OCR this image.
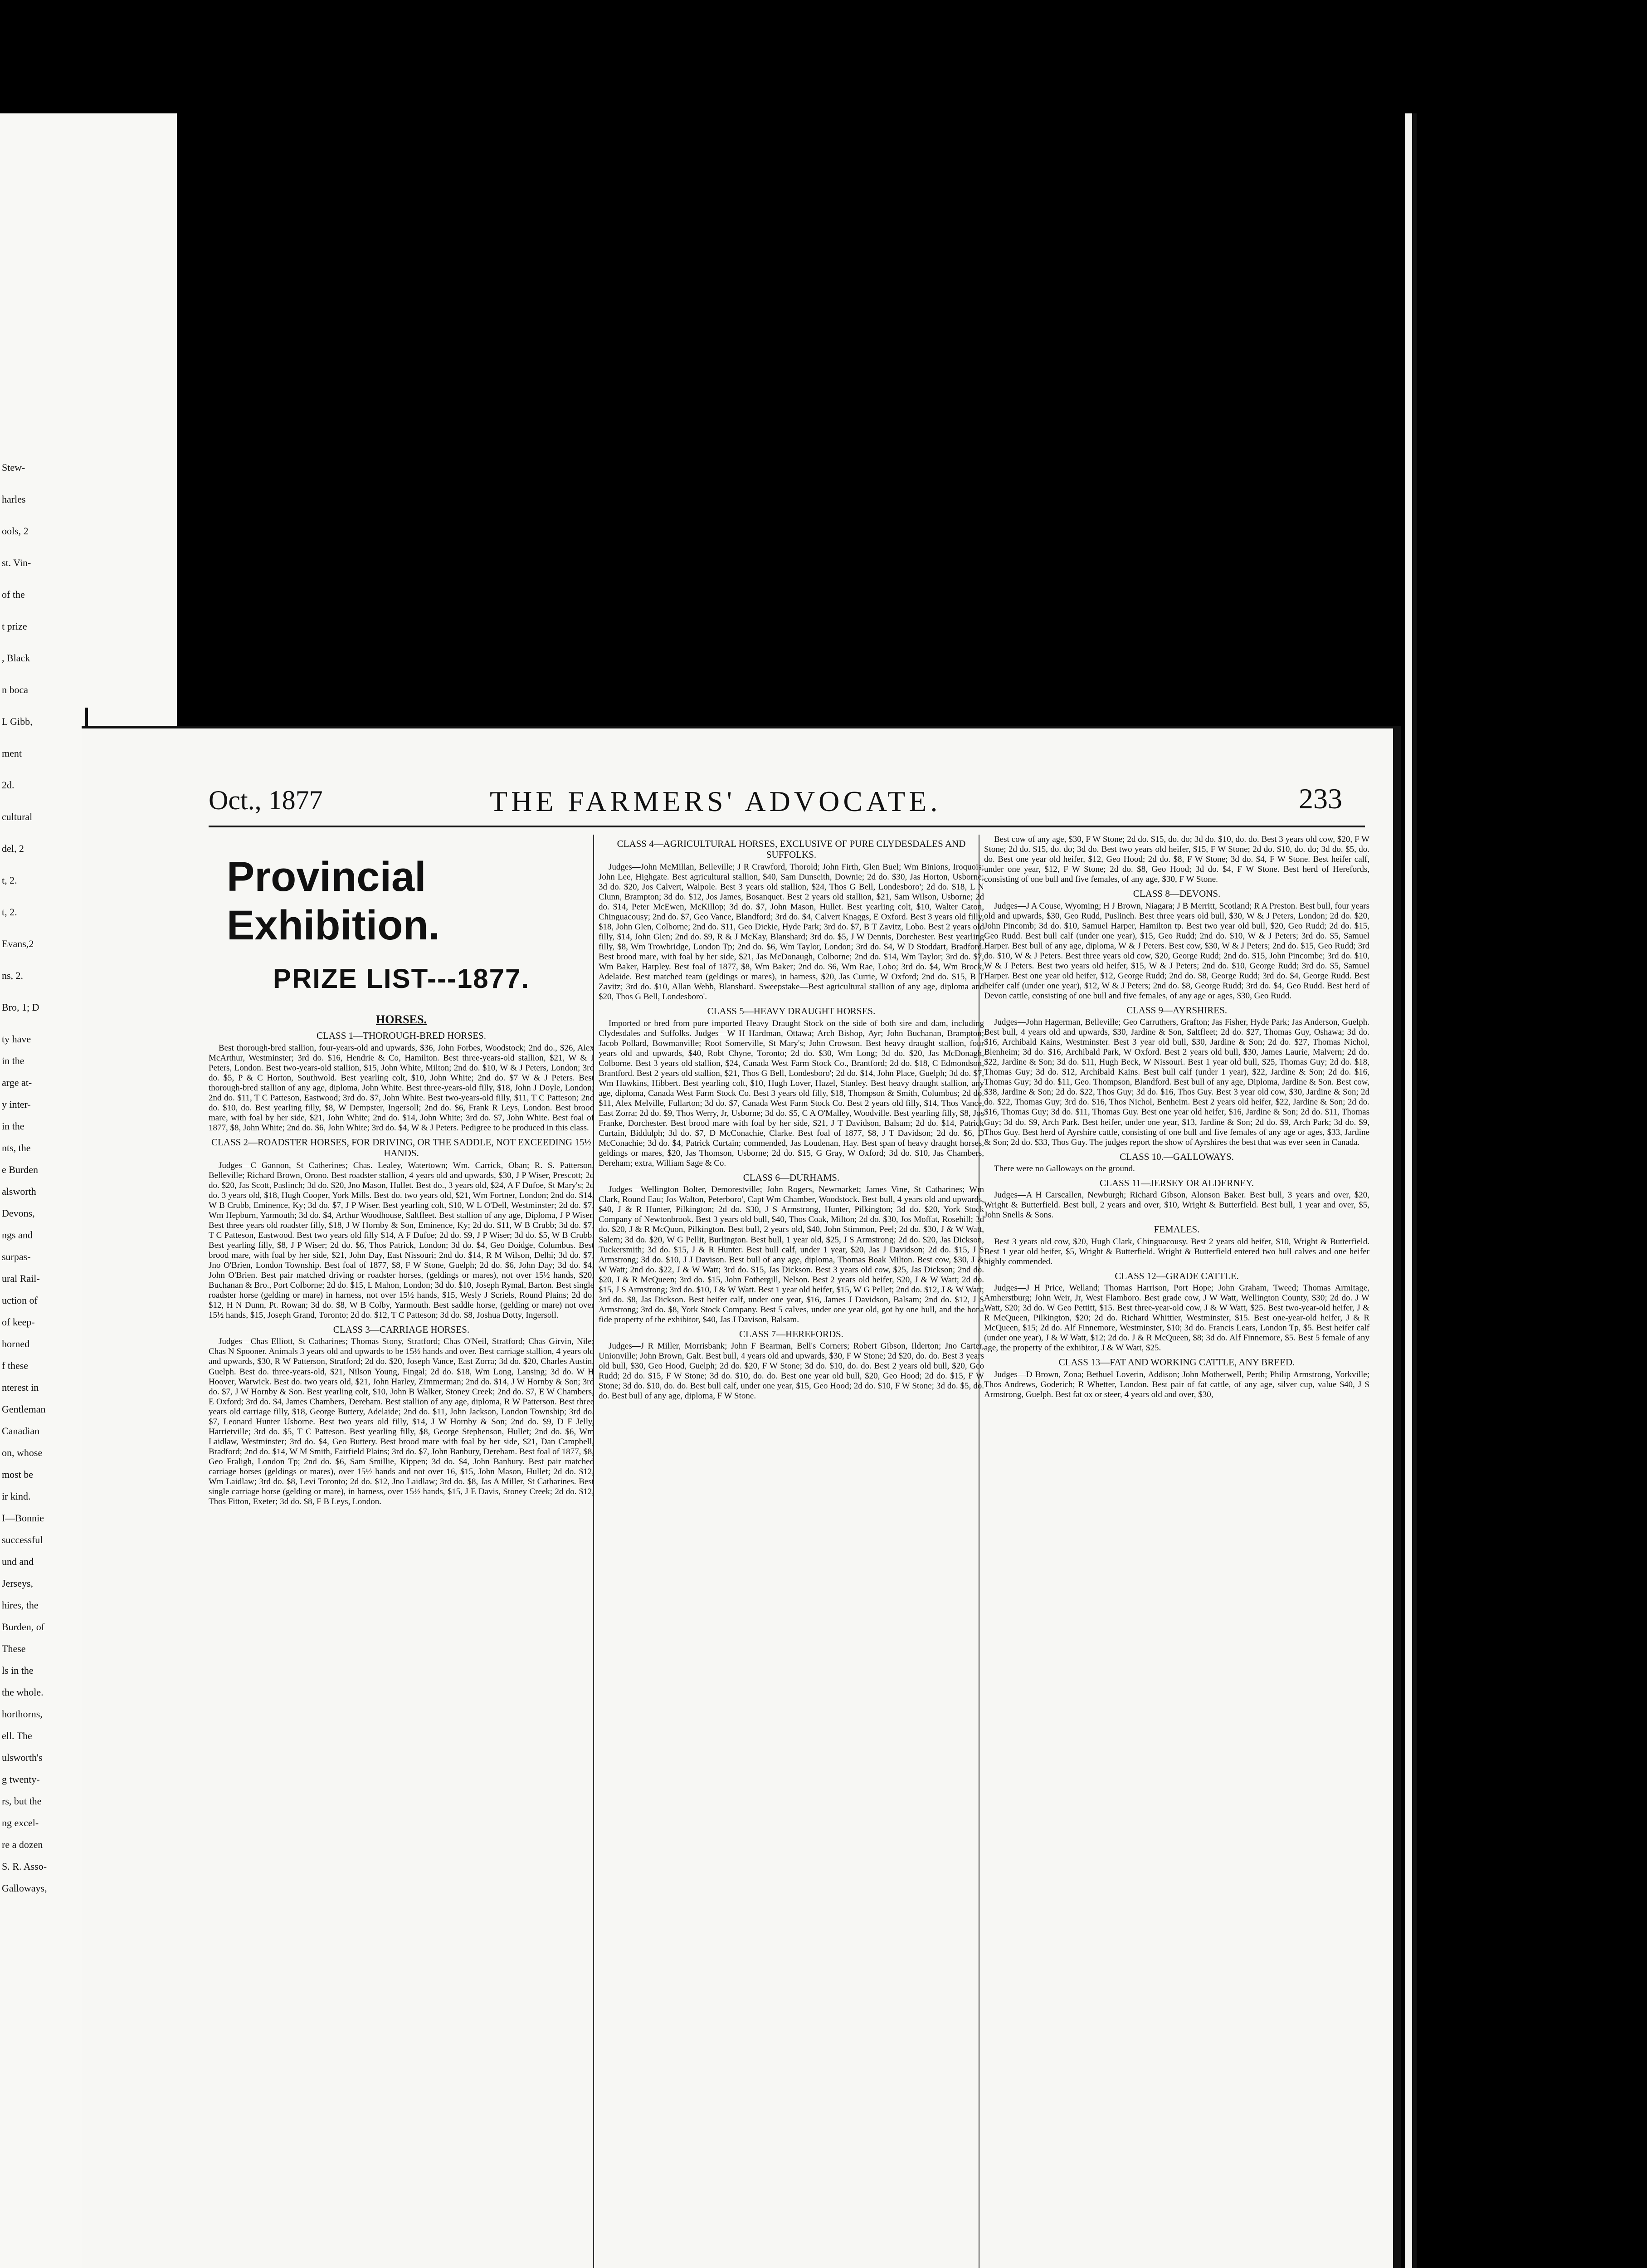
Stew-
harles
ools, 2
st. Vin-
of the
t prize
, Black
n boca
L Gibb,
ment
2d.
cultural
del, 2
t, 2.
t, 2.
Evans,2
ns, 2.
Bro, 1; D
ty have
in the
arge at-
y inter-
in the
nts, the
e Burden
alsworth
Devons,
ngs and
surpas-
ural Rail-
uction of
of keep-
horned
f these
nterest in
Gentleman
Canadian
on, whose
most be
ir kind.
I—Bonnie
successful
und and
Jerseys,
hires, the
Burden, of
These
ls in the
the whole.
horthorns,
ell. The
ulsworth's
g twenty-
rs, but the
ng excel-
re a dozen
S. R. Asso-
Galloways,
Oct., 1877	THE FARMERS' ADVOCATE.	233
Provincial Exhibition.
PRIZE LIST---1877.
HORSES.
CLASS 1—THOROUGH-BRED HORSES.

Best thorough-bred stallion, four-years-old and upwards, $36, John Forbes, Woodstock; 2nd do., $26, Alex McArthur, Westminster; 3rd do. $16, Hendrie & Co, Hamilton. Best three-years-old stallion, $21, W & J Peters, London. Best two-years-old stallion, $15, John White, Milton; 2nd do. $10, W & J Peters, London; 3rd do. $5, P & C Horton, Southwold. Best yearling colt, $10, John White; 2nd do. $7 W & J Peters. Best thorough-bred stallion of any age, diploma, John White. Best three-years-old filly, $18, John J Doyle, London; 2nd do. $11, T C Patteson, Eastwood; 3rd do. $7, John White. Best two-years-old filly, $11, T C Patteson; 2nd do. $10, do. Best yearling filly, $8, W Dempster, Ingersoll; 2nd do. $6, Frank R Leys, London. Best brood mare, with foal by her side, $21, John White; 2nd do. $14, John White; 3rd do. $7, John White. Best foal of 1877, $8, John White; 2nd do. $6, John White; 3rd do. $4, W & J Peters. Pedigree to be produced in this class.

CLASS 2—ROADSTER HORSES, FOR DRIVING, OR THE SADDLE, NOT EXCEEDING 15½ HANDS.

Judges—C Gannon, St Catherines; Chas. Lealey, Watertown; Wm. Carrick, Oban; R. S. Patterson, Belleville; Richard Brown, Orono. Best roadster stallion, 4 years old and upwards, $30, J P Wiser, Prescott; 2d do. $20, Jas Scott, Paslinch; 3d do. $20, Jno Mason, Hullet. Best do., 3 years old, $24, A F Dufoe, St Mary's; 2d do. 3 years old, $18, Hugh Cooper, York Mills. Best do. two years old, $21, Wm Fortner, London; 2nd do. $14, W B Crubb, Eminence, Ky; 3d do. $7, J P Wiser. Best yearling colt, $10, W L O'Dell, Westminster; 2d do. $7, Wm Hepburn, Yarmouth; 3d do. $4, Arthur Woodhouse, Saltfleet. Best stallion of any age, Diploma, J P Wiser. Best three years old roadster filly, $18, J W Hornby & Son, Eminence, Ky; 2d do. $11, W B Crubb; 3d do. $7, T C Patteson, Eastwood. Best two years old filly $14, A F Dufoe; 2d do. $9, J P Wiser; 3d do. $5, W B Crubb. Best yearling filly, $8, J P Wiser; 2d do. $6, Thos Patrick, London; 3d do. $4, Geo Doidge, Columbus. Best brood mare, with foal by her side, $21, John Day, East Nissouri; 2nd do. $14, R M Wilson, Delhi; 3d do. $7, Jno O'Brien, London Township. Best foal of 1877, $8, F W Stone, Guelph; 2d do. $6, John Day; 3d do. $4, John O'Brien. Best pair matched driving or roadster horses, (geldings or mares), not over 15½ hands, $20, Buchanan & Bro., Port Colborne; 2d do. $15, L Mahon, London; 3d do. $10, Joseph Rymal, Barton. Best single roadster horse (gelding or mare) in harness, not over 15½ hands, $15, Wesly J Scriels, Round Plains; 2d do. $12, H N Dunn, Pt. Rowan; 3d do. $8, W B Colby, Yarmouth. Best saddle horse, (gelding or mare) not over 15½ hands, $15, Joseph Grand, Toronto; 2d do. $12, T C Patteson; 3d do. $8, Joshua Dotty, Ingersoll.

CLASS 3—CARRIAGE HORSES.

Judges—Chas Elliott, St Catharines; Thomas Stony, Stratford; Chas O'Neil, Stratford; Chas Girvin, Nile; Chas N Spooner. Animals 3 years old and upwards to be 15½ hands and over. Best carriage stallion, 4 years old and upwards, $30, R W Patterson, Stratford; 2d do. $20, Joseph Vance, East Zorra; 3d do. $20, Charles Austin, Guelph. Best do. three-years-old, $21, Nilson Young, Fingal; 2d do. $18, Wm Long, Lansing; 3d do. W H Hoover, Warwick. Best do. two years old, $21, John Harley, Zimmerman; 2nd do. $14, J W Hornby & Son; 3rd do. $7, J W Hornby & Son. Best yearling colt, $10, John B Walker, Stoney Creek; 2nd do. $7, E W Chambers, E Oxford; 3rd do. $4, James Chambers, Dereham. Best stallion of any age, diploma, R W Patterson. Best three years old carriage filly, $18, George Buttery, Adelaide; 2nd do. $11, John Jackson, London Township; 3rd do. $7, Leonard Hunter Usborne. Best two years old filly, $14, J W Hornby & Son; 2nd do. $9, D F Jelly, Harrietville; 3rd do. $5, T C Patteson. Best yearling filly, $8, George Stephenson, Hullet; 2nd do. $6, Wm Laidlaw, Westminster; 3rd do. $4, Geo Buttery. Best brood mare with foal by her side, $21, Dan Campbell, Bradford; 2nd do. $14, W M Smith, Fairfield Plains; 3rd do. $7, John Banbury, Dereham. Best foal of 1877, $8, Geo Fraligh, London Tp; 2nd do. $6, Sam Smillie, Kippen; 3d do. $4, John Banbury. Best pair matched carriage horses (geldings or mares), over 15½ hands and not over 16, $15, John Mason, Hullet; 2d do. $12, Wm Laidlaw; 3rd do. $8, Levi Toronto; 2d do. $12, Jno Laidlaw; 3rd do. $8, Jas A Miller, St Catharines. Best single carriage horse (gelding or mare), in harness, over 15½ hands, $15, J E Davis, Stoney Creek; 2d do. $12, Thos Fitton, Exeter; 3d do. $8, F B Leys, London.

CLASS 4—AGRICULTURAL HORSES, EXCLUSIVE OF PURE CLYDESDALES AND SUFFOLKS.

Judges—John McMillan, Belleville; J R Crawford, Thorold; John Firth, Glen Buel; Wm Binions, Iroquois; John Lee, Highgate. Best agricultural stallion, $40, Sam Dunseith, Downie; 2d do. $30, Jas Horton, Usborne; 3d do. $20, Jos Calvert, Walpole. Best 3 years old stallion, $24, Thos G Bell, Londesboro'; 2d do. $18, L N Clunn, Brampton; 3d do. $12, Jos James, Bosanquet. Best 2 years old stallion, $21, Sam Wilson, Usborne; 2d do. $14, Peter McEwen, McKillop; 3d do. $7, John Mason, Hullet. Best yearling colt, $10, Walter Caton, Chinguacousy; 2nd do. $7, Geo Vance, Blandford; 3rd do. $4, Calvert Knaggs, E Oxford. Best 3 years old filly, $18, John Glen, Colborne; 2nd do. $11, Geo Dickie, Hyde Park; 3rd do. $7, B T Zavitz, Lobo. Best 2 years old filly, $14, John Glen; 2nd do. $9, R & J McKay, Blanshard; 3rd do. $5, J W Dennis, Dorchester. Best yearling filly, $8, Wm Trowbridge, London Tp; 2nd do. $6, Wm Taylor, London; 3rd do. $4, W D Stoddart, Bradford. Best brood mare, with foal by her side, $21, Jas McDonaugh, Colborne; 2nd do. $14, Wm Taylor; 3rd do. $7, Wm Baker, Harpley. Best foal of 1877, $8, Wm Baker; 2nd do. $6, Wm Rae, Lobo; 3rd do. $4, Wm Brock, Adelaide. Best matched team (geldings or mares), in harness, $20, Jas Currie, W Oxford; 2nd do. $15, B T Zavitz; 3rd do. $10, Allan Webb, Blanshard. Sweepstake—Best agricultural stallion of any age, diploma and $20, Thos G Bell, Londesboro'.

CLASS 5—HEAVY DRAUGHT HORSES.

Imported or bred from pure imported Heavy Draught Stock on the side of both sire and dam, including Clydesdales and Suffolks. Judges—W H Hardman, Ottawa; Arch Bishop, Ayr; John Buchanan, Brampton; Jacob Pollard, Bowmanville; Root Somerville, St Mary's; John Crowson. Best heavy draught stallion, four years old and upwards, $40, Robt Chyne, Toronto; 2d do. $30, Wm Long; 3d do. $20, Jas McDonagh, Colborne. Best 3 years old stallion, $24, Canada West Farm Stock Co., Brantford; 2d do. $18, C Edmondson, Brantford. Best 2 years old stallion, $21, Thos G Bell, Londesboro'; 2d do. $14, John Place, Guelph; 3d do. $7, Wm Hawkins, Hibbert. Best yearling colt, $10, Hugh Lover, Hazel, Stanley. Best heavy draught stallion, any age, diploma, Canada West Farm Stock Co. Best 3 years old filly, $18, Thompson & Smith, Columbus; 2d do. $11, Alex Melville, Fullarton; 3d do. $7, Canada West Farm Stock Co. Best 2 years old filly, $14, Thos Vance, East Zorra; 2d do. $9, Thos Werry, Jr, Usborne; 3d do. $5, C A O'Malley, Woodville. Best yearling filly, $8, Jos Franke, Dorchester. Best brood mare with foal by her side, $21, J T Davidson, Balsam; 2d do. $14, Patrick Curtain, Biddulph; 3d do. $7, D McConachie, Clarke. Best foal of 1877, $8, J T Davidson; 2d do. $6, D McConachie; 3d do. $4, Patrick Curtain; commended, Jas Loudenan, Hay. Best span of heavy draught horses, geldings or mares, $20, Jas Thomson, Usborne; 2d do. $15, G Gray, W Oxford; 3d do. $10, Jas Chambers, Dereham; extra, William Sage & Co.

CLASS 6—DURHAMS.

Judges—Wellington Bolter, Demorestville; John Rogers, Newmarket; James Vine, St Catharines; Wm Clark, Round Eau; Jos Walton, Peterboro', Capt Wm Chamber, Woodstock. Best bull, 4 years old and upwards, $40, J & R Hunter, Pilkington; 2d do. $30, J S Armstrong, Hunter, Pilkington; 3d do. $20, York Stock Company of Newtonbrook. Best 3 years old bull, $40, Thos Coak, Milton; 2d do. $30, Jos Moffat, Rosehill; 3d do. $20, J & R McQuon, Pilkington. Best bull, 2 years old, $40, John Stimmon, Peel; 2d do. $30, J & W Watt, Salem; 3d do. $20, W G Pellit, Burlington. Best bull, 1 year old, $25, J S Armstrong; 2d do. $20, Jas Dickson, Tuckersmith; 3d do. $15, J & R Hunter. Best bull calf, under 1 year, $20, Jas J Davidson; 2d do. $15, J S Armstrong; 3d do. $10, J J Davison. Best bull of any age, diploma, Thomas Boak Milton. Best cow, $30, J & W Watt; 2nd do. $22, J & W Watt; 3rd do. $15, Jas Dickson. Best 3 years old cow, $25, Jas Dickson; 2nd do. $20, J & R McQueen; 3rd do. $15, John Fothergill, Nelson. Best 2 years old heifer, $20, J & W Watt; 2d do. $15, J S Armstrong; 3rd do. $10, J & W Watt. Best 1 year old heifer, $15, W G Pellet; 2nd do. $12, J & W Watt; 3rd do. $8, Jas Dickson. Best heifer calf, under one year, $16, James J Davidson, Balsam; 2nd do. $12, J S Armstrong; 3rd do. $8, York Stock Company. Best 5 calves, under one year old, got by one bull, and the bona fide property of the exhibitor, $40, Jas J Davison, Balsam.

CLASS 7—HEREFORDS.

Judges—J R Miller, Morrisbank; John F Bearman, Bell's Corners; Robert Gibson, Ilderton; Jno Carter, Unionville; John Brown, Galt. Best bull, 4 years old and upwards, $30, F W Stone; 2d $20, do. do. Best 3 years old bull, $30, Geo Hood, Guelph; 2d do. $20, F W Stone; 3d do. $10, do. do. Best 2 years old bull, $20, Geo Rudd; 2d do. $15, F W Stone; 3d do. $10, do. do. Best one year old bull, $20, Geo Hood; 2d do. $15, F W Stone; 3d do. $10, do. do. Best bull calf, under one year, $15, Geo Hood; 2d do. $10, F W Stone; 3d do. $5, do. do. Best bull of any age, diploma, F W Stone.

Best cow of any age, $30, F W Stone; 2d do. $15, do. do; 3d do. $10, do. do. Best 3 years old cow, $20, F W Stone; 2d do. $15, do. do; 3d do. Best two years old heifer, $15, F W Stone; 2d do. $10, do. do; 3d do. $5, do. do. Best one year old heifer, $12, Geo Hood; 2d do. $8, F W Stone; 3d do. $4, F W Stone. Best heifer calf, under one year, $12, F W Stone; 2d do. $8, Geo Hood; 3d do. $4, F W Stone. Best herd of Herefords, consisting of one bull and five females, of any age, $30, F W Stone.

CLASS 8—DEVONS.

Judges—J A Couse, Wyoming; H J Brown, Niagara; J B Merritt, Scotland; R A Preston. Best bull, four years old and upwards, $30, Geo Rudd, Puslinch. Best three years old bull, $30, W & J Peters, London; 2d do. $20, John Pincomb; 3d do. $10, Samuel Harper, Hamilton tp. Best two year old bull, $20, Geo Rudd; 2d do. $15, Geo Rudd. Best bull calf (under one year), $15, Geo Rudd; 2nd do. $10, W & J Peters; 3rd do. $5, Samuel Harper. Best bull of any age, diploma, W & J Peters. Best cow, $30, W & J Peters; 2nd do. $15, Geo Rudd; 3rd do. $10, W & J Peters. Best three years old cow, $20, George Rudd; 2nd do. $15, John Pincombe; 3rd do. $10, W & J Peters. Best two years old heifer, $15, W & J Peters; 2nd do. $10, George Rudd; 3rd do. $5, Samuel Harper. Best one year old heifer, $12, George Rudd; 2nd do. $8, George Rudd; 3rd do. $4, George Rudd. Best heifer calf (under one year), $12, W & J Peters; 2nd do. $8, George Rudd; 3rd do. $4, Geo Rudd. Best herd of Devon cattle, consisting of one bull and five females, of any age or ages, $30, Geo Rudd.

CLASS 9—AYRSHIRES.

Judges—John Hagerman, Belleville; Geo Carruthers, Grafton; Jas Fisher, Hyde Park; Jas Anderson, Guelph. Best bull, 4 years old and upwards, $30, Jardine & Son, Saltfleet; 2d do. $27, Thomas Guy, Oshawa; 3d do. $16, Archibald Kains, Westminster. Best 3 year old bull, $30, Jardine & Son; 2d do. $27, Thomas Nichol, Blenheim; 3d do. $16, Archibald Park, W Oxford. Best 2 years old bull, $30, James Laurie, Malvern; 2d do. $22, Jardine & Son; 3d do. $11, Hugh Beck, W Nissouri. Best 1 year old bull, $25, Thomas Guy; 2d do. $18, Thomas Guy; 3d do. $12, Archibald Kains. Best bull calf (under 1 year), $22, Jardine & Son; 2d do. $16, Thomas Guy; 3d do. $11, Geo. Thompson, Blandford. Best bull of any age, Diploma, Jardine & Son. Best cow, $38, Jardine & Son; 2d do. $22, Thos Guy; 3d do. $16, Thos Guy. Best 3 year old cow, $30, Jardine & Son; 2d do. $22, Thomas Guy; 3rd do. $16, Thos Nichol, Benheim. Best 2 years old heifer, $22, Jardine & Son; 2d do. $16, Thomas Guy; 3d do. $11, Thomas Guy. Best one year old heifer, $16, Jardine & Son; 2d do. $11, Thomas Guy; 3d do. $9, Arch Park. Best heifer, under one year, $13, Jardine & Son; 2d do. $9, Arch Park; 3d do. $9, Thos Guy. Best herd of Ayrshire cattle, consisting of one bull and five females of any age or ages, $33, Jardine & Son; 2d do. $33, Thos Guy. The judges report the show of Ayrshires the best that was ever seen in Canada.

CLASS 10.—GALLOWAYS.

There were no Galloways on the ground.

CLASS 11—JERSEY OR ALDERNEY.

Judges—A H Carscallen, Newburgh; Richard Gibson, Alonson Baker. Best bull, 3 years and over, $20, Wright & Butterfield. Best bull, 2 years and over, $10, Wright & Butterfield. Best bull, 1 year and over, $5, John Snells & Sons.

FEMALES.

Best 3 years old cow, $20, Hugh Clark, Chinguacousy. Best 2 years old heifer, $10, Wright & Butterfield. Best 1 year old heifer, $5, Wright & Butterfield. Wright & Butterfield entered two bull calves and one heifer highly commended.

CLASS 12—GRADE CATTLE.

Judges—J H Price, Welland; Thomas Harrison, Port Hope; John Graham, Tweed; Thomas Armitage, Amherstburg; John Weir, Jr, West Flamboro. Best grade cow, J W Watt, Wellington County, $30; 2d do. J W Watt, $20; 3d do. W Geo Pettitt, $15. Best three-year-old cow, J & W Watt, $25. Best two-year-old heifer, J & R McQueen, Pilkington, $20; 2d do. Richard Whittier, Westminster, $15. Best one-year-old heifer, J & R McQueen, $15; 2d do. Alf Finnemore, Westminster, $10; 3d do. Francis Lears, London Tp, $5. Best heifer calf (under one year), J & W Watt, $12; 2d do. J & R McQueen, $8; 3d do. Alf Finnemore, $5. Best 5 female of any age, the property of the exhibitor, J & W Watt, $25.

CLASS 13—FAT AND WORKING CATTLE, ANY BREED.

Judges—D Brown, Zona; Bethuel Loverin, Addison; John Motherwell, Perth; Philip Armstrong, Yorkville; Thos Andrews, Goderich; R Whetter, London. Best pair of fat cattle, of any age, silver cup, value $40, J S Armstrong, Guelph. Best fat ox or steer, 4 years old and over, $30,
